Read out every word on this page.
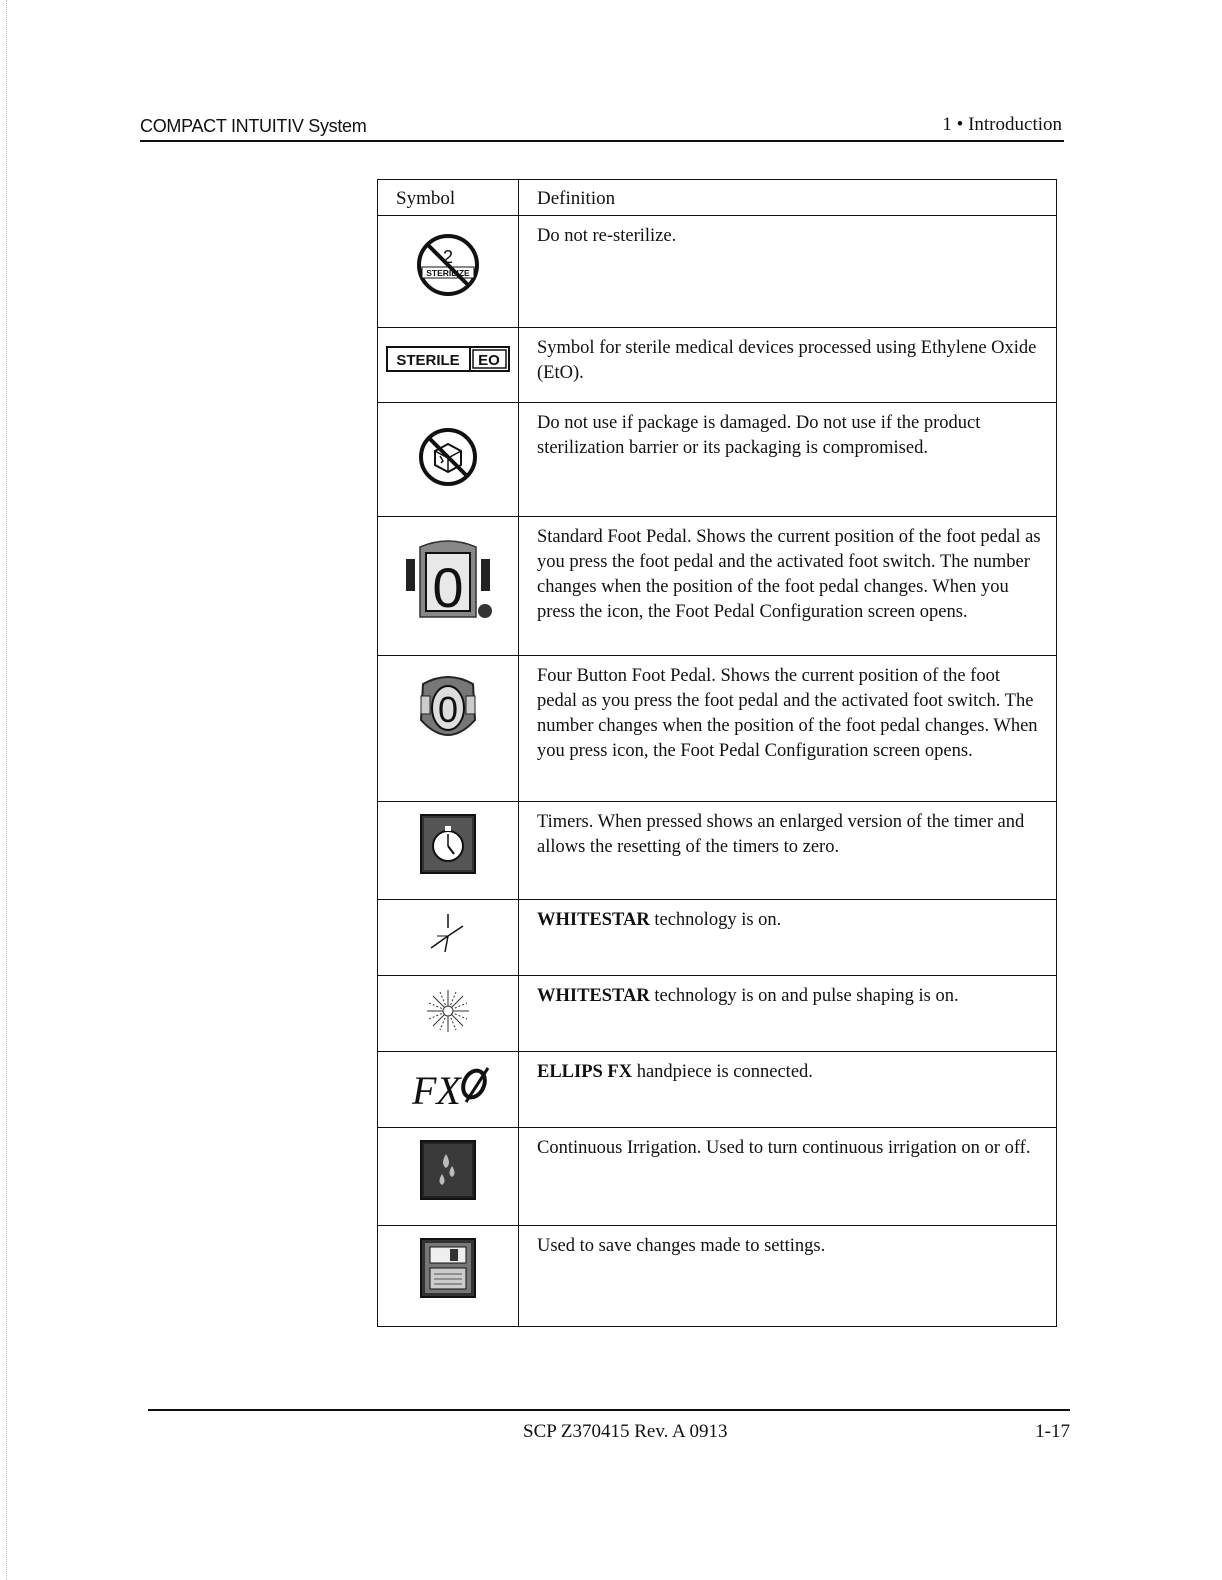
COMPACT INTUITIV System	1 • Introduction
Symbol	Definition

2
STERILIZE	Do not re-sterilize.

STERILE EO	Symbol for sterile medical devices processed using Ethylene Oxide (EtO).

	Do not use if package is damaged. Do not use if the product sterilization barrier or its packaging is compromised.

0	Standard Foot Pedal. Shows the current position of the foot pedal as you press the foot pedal and the activated foot switch. The number changes when the position of the foot pedal changes. When you press the icon, the Foot Pedal Configuration screen opens.

0	Four Button Foot Pedal. Shows the current position of the foot pedal as you press the foot pedal and the activated foot switch. The number changes when the position of the foot pedal changes. When you press icon, the Foot Pedal Configuration screen opens.

	Timers. When pressed shows an enlarged version of the timer and allows the resetting of the timers to zero.

	WHITESTAR technology is on.

	WHITESTAR technology is on and pulse shaping is on.

FX	ELLIPS FX handpiece is connected.

	Continuous Irrigation. Used to turn continuous irrigation on or off.

	Used to save changes made to settings.
SCP Z370415 Rev. A 0913	1-17
